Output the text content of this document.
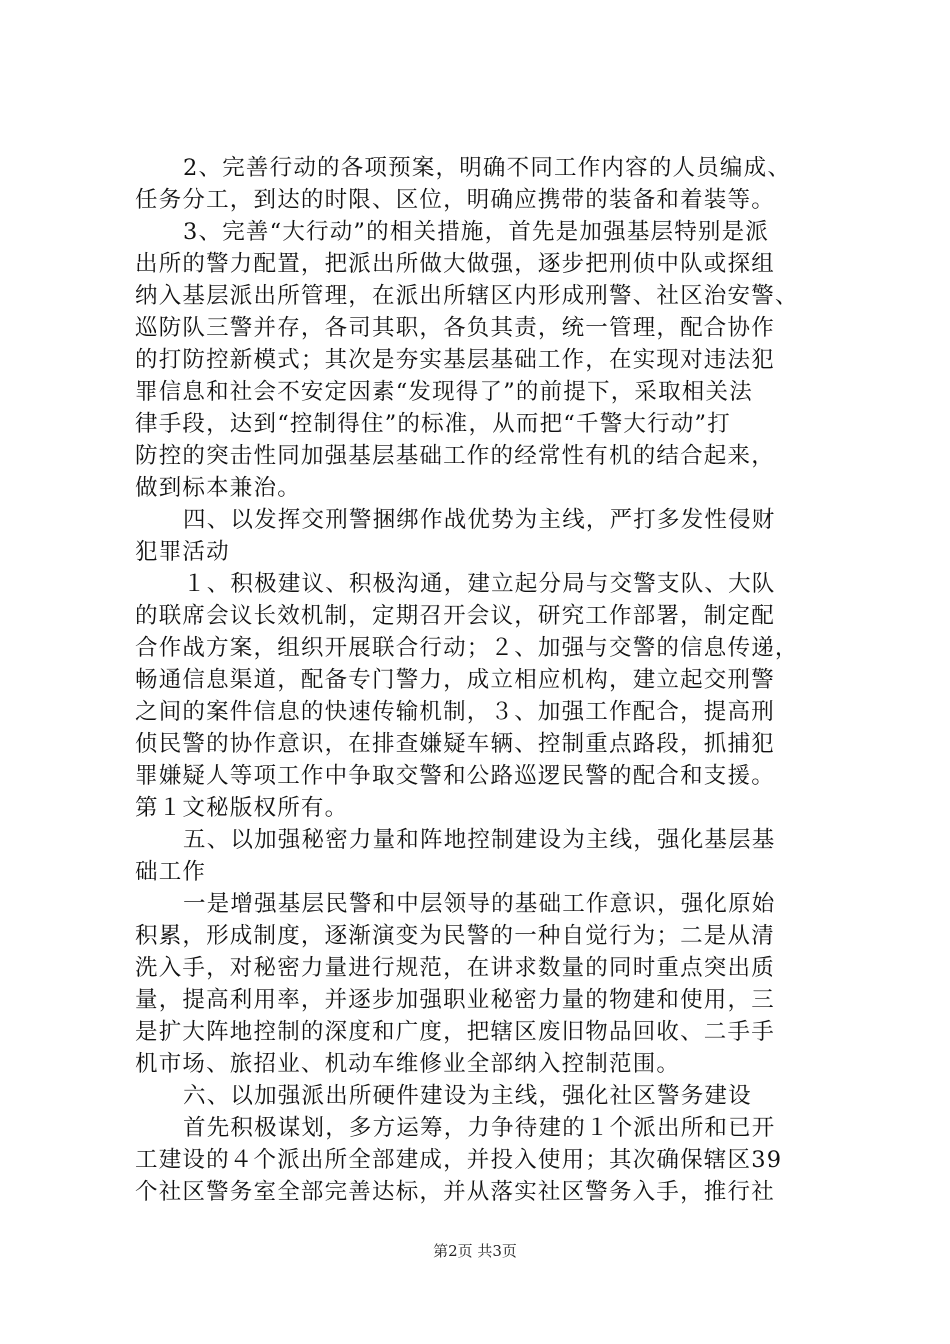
2、完善行动的各项预案，明确不同工作内容的人员编成、
任务分工，到达的时限、区位，明确应携带的装备和着装等。
3、完善“大行动”的相关措施，首先是加强基层特别是派
出所的警力配置，把派出所做大做强，逐步把刑侦中队或探组
纳入基层派出所管理，在派出所辖区内形成刑警、社区治安警、
巡防队三警并存，各司其职，各负其责，统一管理，配合协作
的打防控新模式；其次是夯实基层基础工作，在实现对违法犯
罪信息和社会不安定因素“发现得了”的前提下，采取相关法
律手段，达到“控制得住”的标准，从而把“千警大行动”打
防控的突击性同加强基层基础工作的经常性有机的结合起来，
做到标本兼治。
四、以发挥交刑警捆绑作战优势为主线，严打多发性侵财
犯罪活动
１、积极建议、积极沟通，建立起分局与交警支队、大队
的联席会议长效机制，定期召开会议，研究工作部署，制定配
合作战方案，组织开展联合行动；２、加强与交警的信息传递，
畅通信息渠道，配备专门警力，成立相应机构，建立起交刑警
之间的案件信息的快速传输机制，３、加强工作配合，提高刑
侦民警的协作意识，在排查嫌疑车辆、控制重点路段，抓捕犯
罪嫌疑人等项工作中争取交警和公路巡逻民警的配合和支援。
第１文秘版权所有。
五、以加强秘密力量和阵地控制建设为主线，强化基层基
础工作
一是增强基层民警和中层领导的基础工作意识，强化原始
积累，形成制度，逐渐演变为民警的一种自觉行为；二是从清
洗入手，对秘密力量进行规范，在讲求数量的同时重点突出质
量，提高利用率，并逐步加强职业秘密力量的物建和使用，三
是扩大阵地控制的深度和广度，把辖区废旧物品回收、二手手
机市场、旅招业、机动车维修业全部纳入控制范围。
六、以加强派出所硬件建设为主线，强化社区警务建设
首先积极谋划，多方运筹，力争待建的１个派出所和已开
工建设的４个派出所全部建成，并投入使用；其次确保辖区39
个社区警务室全部完善达标，并从落实社区警务入手，推行社
第2页 共3页
